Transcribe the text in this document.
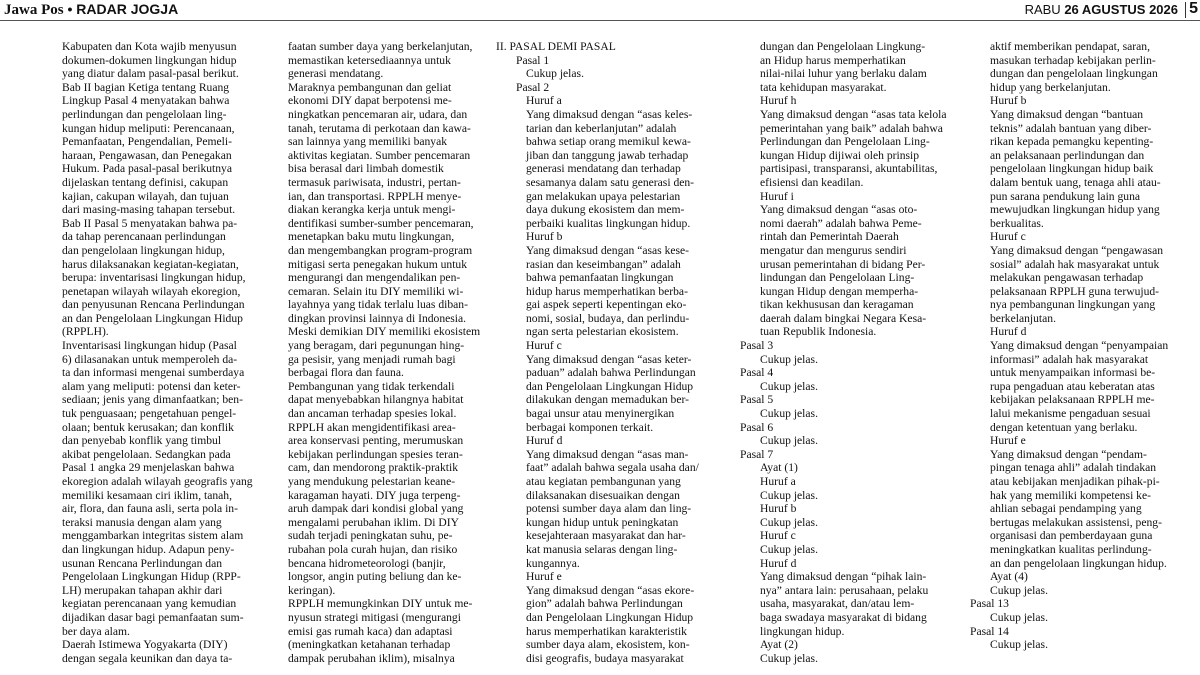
Jawa Pos • RADAR JOGJA	RABU 26 AGUSTUS 2026 5

Kabupaten dan Kota wajib menyusun

dokumen-dokumen lingkungan hidup

yang diatur dalam pasal-pasal berikut.

Bab II bagian Ketiga tentang Ruang

Lingkup Pasal 4 menyatakan bahwa

perlindungan dan pengelolaan ling-

kungan hidup meliputi: Perencanaan,

Pemanfaatan, Pengendalian, Pemeli-

haraan, Pengawasan, dan Penegakan

Hukum. Pada pasal-pasal berikutnya

dijelaskan tentang definisi, cakupan

kajian, cakupan wilayah, dan tujuan

dari masing-masing tahapan tersebut.

Bab II Pasal 5 menyatakan bahwa pa-

da tahap perencanaan perlindungan

dan pengelolaan lingkungan hidup,

harus dilaksanakan kegiatan-kegiatan,

berupa: inventarisasi lingkungan hidup,

penetapan wilayah wilayah ekoregion,

dan penyusunan Rencana Perlindungan

an dan Pengelolaan Lingkungan Hidup

(RPPLH).

Inventarisasi lingkungan hidup (Pasal

6) dilasanakan untuk memperoleh da-

ta dan informasi mengenai sumberdaya

alam yang meliputi: potensi dan keter-

sediaan; jenis yang dimanfaatkan; ben-

tuk penguasaan; pengetahuan pengel-

olaan; bentuk kerusakan; dan konflik

dan penyebab konflik yang timbul

akibat pengelolaan. Sedangkan pada

Pasal 1 angka 29 menjelaskan bahwa

ekoregion adalah wilayah geografis yang

memiliki kesamaan ciri iklim, tanah,

air, flora, dan fauna asli, serta pola in-

teraksi manusia dengan alam yang

menggambarkan integritas sistem alam

dan lingkungan hidup. Adapun peny-

usunan Rencana Perlindungan dan

Pengelolaan Lingkungan Hidup (RPP-

LH) merupakan tahapan akhir dari

kegiatan perencanaan yang kemudian

dijadikan dasar bagi pemanfaatan sum-

ber daya alam.

Daerah Istimewa Yogyakarta (DIY)

dengan segala keunikan dan daya ta-

faatan sumber daya yang berkelanjutan,

memastikan ketersediaannya untuk

generasi mendatang.

Maraknya pembangunan dan geliat

ekonomi DIY dapat berpotensi me-

ningkatkan pencemaran air, udara, dan

tanah, terutama di perkotaan dan kawa-

san lainnya yang memiliki banyak

aktivitas kegiatan. Sumber pencemaran

bisa berasal dari limbah domestik

termasuk pariwisata, industri, pertan-

ian, dan transportasi. RPPLH menye-

diakan kerangka kerja untuk mengi-

dentifikasi sumber-sumber pencemaran,

menetapkan baku mutu lingkungan,

dan mengembangkan program-program

mitigasi serta penegakan hukum untuk

mengurangi dan mengendalikan pen-

cemaran. Selain itu DIY memiliki wi-

layahnya yang tidak terlalu luas diban-

dingkan provinsi lainnya di Indonesia.

Meski demikian DIY memiliki ekosistem

yang beragam, dari pegunungan hing-

ga pesisir, yang menjadi rumah bagi

berbagai flora dan fauna.

Pembangunan yang tidak terkendali

dapat menyebabkan hilangnya habitat

dan ancaman terhadap spesies lokal.

RPPLH akan mengidentifikasi area-

area konservasi penting, merumuskan

kebijakan perlindungan spesies teran-

cam, dan mendorong praktik-praktik

yang mendukung pelestarian keane-

karagaman hayati. DIY juga terpeng-

aruh dampak dari kondisi global yang

mengalami perubahan iklim. Di DIY

sudah terjadi peningkatan suhu, pe-

rubahan pola curah hujan, dan risiko

bencana hidrometeorologi (banjir,

longsor, angin puting beliung dan ke-

keringan).

RPPLH memungkinkan DIY untuk me-

nyusun strategi mitigasi (mengurangi

emisi gas rumah kaca) dan adaptasi

(meningkatkan ketahanan terhadap

dampak perubahan iklim), misalnya

II. PASAL DEMI PASAL

Pasal 1

Cukup jelas.

Pasal 2

Huruf a

Yang dimaksud dengan “asas keles-

tarian dan keberlanjutan” adalah

bahwa setiap orang memikul kewa-

jiban dan tanggung jawab terhadap

generasi mendatang dan terhadap

sesamanya dalam satu generasi den-

gan melakukan upaya pelestarian

daya dukung ekosistem dan mem-

perbaiki kualitas lingkungan hidup.

Huruf b

Yang dimaksud dengan “asas kese-

rasian dan keseimbangan” adalah

bahwa pemanfaatan lingkungan

hidup harus memperhatikan berba-

gai aspek seperti kepentingan eko-

nomi, sosial, budaya, dan perlindu-

ngan serta pelestarian ekosistem.

Huruf c

Yang dimaksud dengan “asas keter-

paduan” adalah bahwa Perlindungan

dan Pengelolaan Lingkungan Hidup

dilakukan dengan memadukan ber-

bagai unsur atau menyinergikan

berbagai komponen terkait.

Huruf d

Yang dimaksud dengan “asas man-

faat” adalah bahwa segala usaha dan/

atau kegiatan pembangunan yang

dilaksanakan disesuaikan dengan

potensi sumber daya alam dan ling-

kungan hidup untuk peningkatan

kesejahteraan masyarakat dan har-

kat manusia selaras dengan ling-

kungannya.

Huruf e

Yang dimaksud dengan “asas ekore-

gion” adalah bahwa Perlindungan

dan Pengelolaan Lingkungan Hidup

harus memperhatikan karakteristik

sumber daya alam, ekosistem, kon-

disi geografis, budaya masyarakat

dungan dan Pengelolaan Lingkung-

an Hidup harus memperhatikan

nilai-nilai luhur yang berlaku dalam

tata kehidupan masyarakat.

Huruf h

Yang dimaksud dengan “asas tata kelola

pemerintahan yang baik” adalah bahwa

Perlindungan dan Pengelolaan Ling-

kungan Hidup dijiwai oleh prinsip

partisipasi, transparansi, akuntabilitas,

efisiensi dan keadilan.

Huruf i

Yang dimaksud dengan “asas oto-

nomi daerah” adalah bahwa Peme-

rintah dan Pemerintah Daerah

mengatur dan mengurus sendiri

urusan pemerintahan di bidang Per-

lindungan dan Pengelolaan Ling-

kungan Hidup dengan memperha-

tikan kekhususan dan keragaman

daerah dalam bingkai Negara Kesa-

tuan Republik Indonesia.

Pasal 3

Cukup jelas.

Pasal 4

Cukup jelas.

Pasal 5

Cukup jelas.

Pasal 6

Cukup jelas.

Pasal 7

Ayat (1)

Huruf a

Cukup jelas.

Huruf b

Cukup jelas.

Huruf c

Cukup jelas.

Huruf d

Yang dimaksud dengan “pihak lain-

nya” antara lain: perusahaan, pelaku

usaha, masyarakat, dan/atau lem-

baga swadaya masyarakat di bidang

lingkungan hidup.

Ayat (2)

Cukup jelas.

aktif memberikan pendapat, saran,

masukan terhadap kebijakan perlin-

dungan dan pengelolaan lingkungan

hidup yang berkelanjutan.

Huruf b

Yang dimaksud dengan “bantuan

teknis” adalah bantuan yang diber-

rikan kepada pemangku kepenting-

an pelaksanaan perlindungan dan

pengelolaan lingkungan hidup baik

dalam bentuk uang, tenaga ahli atau-

pun sarana pendukung lain guna

mewujudkan lingkungan hidup yang

berkualitas.

Huruf c

Yang dimaksud dengan “pengawasan

sosial” adalah hak masyarakat untuk

melakukan pengawasan terhadap

pelaksanaan RPPLH guna terwujud-

nya pembangunan lingkungan yang

berkelanjutan.

Huruf d

Yang dimaksud dengan “penyampaian

informasi” adalah hak masyarakat

untuk menyampaikan informasi be-

rupa pengaduan atau keberatan atas

kebijakan pelaksanaan RPPLH me-

lalui mekanisme pengaduan sesuai

dengan ketentuan yang berlaku.

Huruf e

Yang dimaksud dengan “pendam-

pingan tenaga ahli” adalah tindakan

atau kebijakan menjadikan pihak-pi-

hak yang memiliki kompetensi ke-

ahlian sebagai pendamping yang

bertugas melakukan assistensi, peng-

organisasi dan pemberdayaan guna

meningkatkan kualitas perlindung-

an dan pengelolaan lingkungan hidup.

Ayat (4)

Cukup jelas.

Pasal 13

Cukup jelas.

Pasal 14

Cukup jelas.
